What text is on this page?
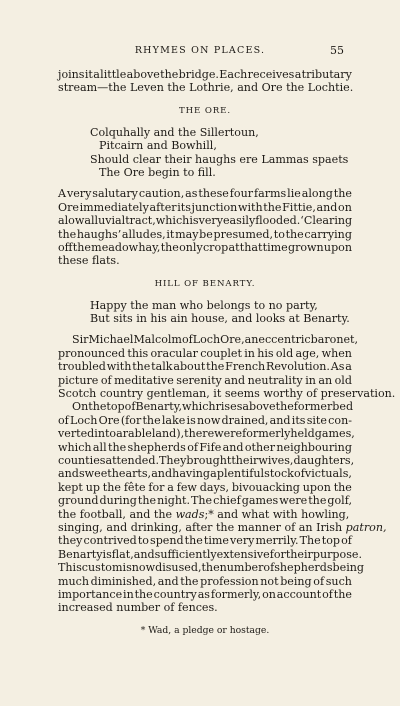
RHYMES ON PLACES.	55
joins it a little above the bridge. Each receives a tributary
stream—the Leven the Lothrie, and Ore the Lochtie.
THE ORE.
Colquhally and the Sillertoun,
Pitcairn and Bowhill,
Should clear their haughs ere Lammas spaets
The Ore begin to fill.
A very salutary caution, as these four farms lie along the
Ore immediately after its junction with the Fittie, and on
a low alluvial tract, which is very easily flooded. ‘ Clearing
the haughs’ alludes, it may be presumed, to the carrying
off the meadow hay, the only crop at that time grown upon
these flats.
HILL OF BENARTY.
Happy the man who belongs to no party,
But sits in his ain house, and looks at Benarty.
Sir Michael Malcolm of Loch Ore, an eccentric baronet,
pronounced this oracular couplet in his old age, when
troubled with the talk about the French Revolution. As a
picture of meditative serenity and neutrality in an old
Scotch country gentleman, it seems worthy of preservation.
On the top of Benarty, which rises above the former bed
of Loch Ore (for the lake is now drained, and its site con-
verted into arable land), there were formerly held games,
which all the shepherds of Fife and other neighbouring
counties attended. They brought their wives, daughters,
and sweethearts, and having a plentiful stock of victuals,
kept up the fête for a few days, bivouacking upon the
ground during the night. The chief games were the golf,
the football, and the wads ;* and what with howling,
singing, and drinking, after the manner of an Irish patron,
they contrived to spend the time very merrily. The top of
Benarty is flat, and sufficiently extensive for their purpose.
This custom is now disused, the number of shepherds being
much diminished, and the profession not being of such
importance in the country as formerly, on account of the
increased number of fences.
* Wad, a pledge or hostage.
